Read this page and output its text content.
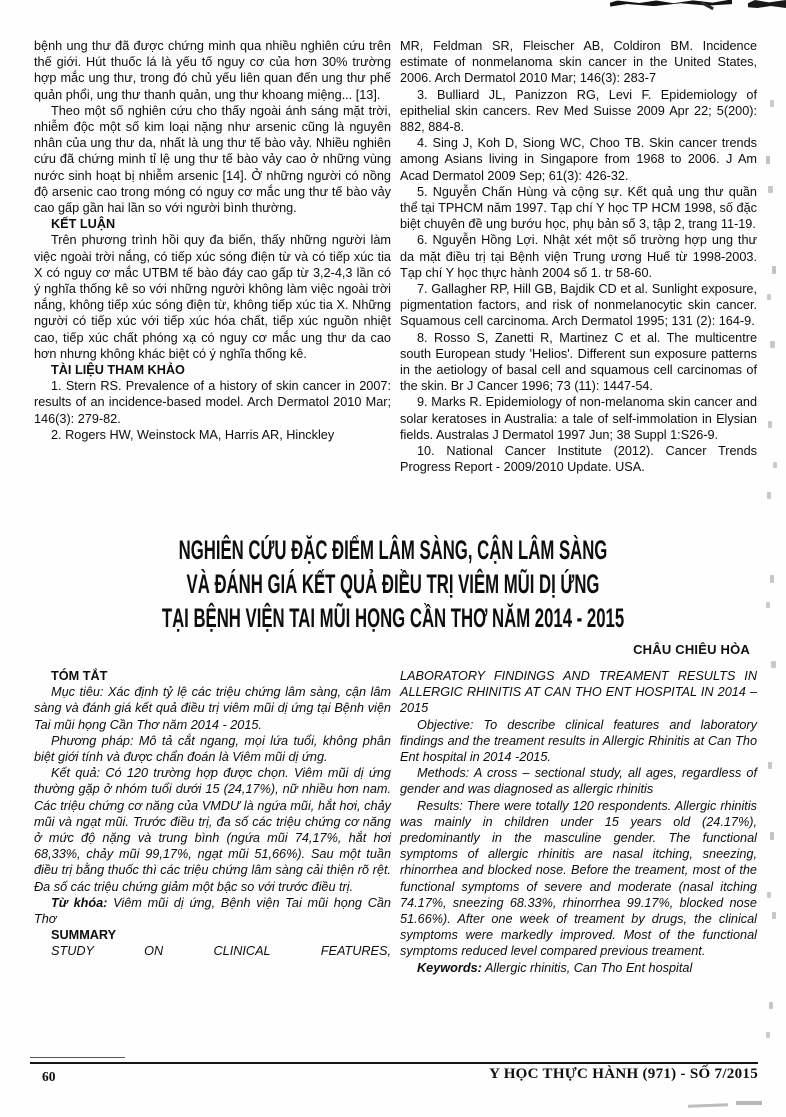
bệnh ung thư đã được chứng minh qua nhiều nghiên cứu trên thế giới. Hút thuốc lá là yếu tố nguy cơ của hơn 30% trường hợp mắc ung thư, trong đó chủ yếu liên quan đến ung thư phế quản phổi, ung thư thanh quản, ung thư khoang miệng... [13].

Theo một số nghiên cứu cho thấy ngoài ánh sáng mặt trời, nhiễm độc một số kim loại nặng như arsenic cũng là nguyên nhân của ung thư da, nhất là ung thư tế bào vảy. Nhiều nghiên cứu đã chứng minh tỉ lệ ung thư tế bào vảy cao ở những vùng nước sinh hoạt bị nhiễm arsenic [14]. Ở những người có nồng độ arsenic cao trong móng có nguy cơ mắc ung thư tế bào vảy cao gấp gần hai lần so với người bình thường.

KẾT LUẬN

Trên phương trình hồi quy đa biến, thấy những người làm việc ngoài trời nắng, có tiếp xúc sóng điện từ và có tiếp xúc tia X có nguy cơ mắc UTBM tế bào đáy cao gấp từ 3,2-4,3 lần có ý nghĩa thống kê so với những người không làm việc ngoài trời nắng, không tiếp xúc sóng điện từ, không tiếp xúc tia X. Những người có tiếp xúc với tiếp xúc hóa chất, tiếp xúc nguồn nhiệt cao, tiếp xúc chất phóng xạ có nguy cơ mắc ung thư da cao hơn nhưng không khác biệt có ý nghĩa thống kê.

TÀI LIỆU THAM KHẢO

1. Stern RS. Prevalence of a history of skin cancer in 2007: results of an incidence-based model. Arch Dermatol 2010 Mar; 146(3): 279-82.

2. Rogers HW, Weinstock MA, Harris AR, Hinckley

MR, Feldman SR, Fleischer AB, Coldiron BM. Incidence estimate of nonmelanoma skin cancer in the United States, 2006. Arch Dermatol 2010 Mar; 146(3): 283-7

3. Bulliard JL, Panizzon RG, Levi F. Epidemiology of epithelial skin cancers. Rev Med Suisse 2009 Apr 22; 5(200): 882, 884-8.

4. Sing J, Koh D, Siong WC, Choo TB. Skin cancer trends among Asians living in Singapore from 1968 to 2006. J Am Acad Dermatol 2009 Sep; 61(3): 426-32.

5. Nguyễn Chấn Hùng và cộng sự. Kết quả ung thư quần thể tại TPHCM năm 1997. Tạp chí Y học TP HCM 1998, số đặc biệt chuyên đề ung bướu học, phụ bản số 3, tập 2, trang 11-19.

6. Nguyễn Hồng Lợi. Nhật xét một số trường hợp ung thư da mặt điều trị tại Bệnh viện Trung ương Huế từ 1998-2003. Tạp chí Y học thực hành 2004 số 1. tr 58-60.

7. Gallagher RP, Hill GB, Bajdik CD et al. Sunlight exposure, pigmentation factors, and risk of nonmelanocytic skin cancer. Squamous cell carcinoma. Arch Dermatol 1995; 131 (2): 164-9.

8. Rosso S, Zanetti R, Martinez C et al. The multicentre south European study 'Helios'. Different sun exposure patterns in the aetiology of basal cell and squamous cell carcinomas of the skin. Br J Cancer 1996; 73 (11): 1447-54.

9. Marks R. Epidemiology of non-melanoma skin cancer and solar keratoses in Australia: a tale of self-immolation in Elysian fields. Australas J Dermatol 1997 Jun; 38 Suppl 1:S26-9.

10. National Cancer Institute (2012). Cancer Trends Progress Report - 2009/2010 Update. USA.

NGHIÊN CỨU ĐẶC ĐIỂM LÂM SÀNG, CẬN LÂM SÀNG
VÀ ĐÁNH GIÁ KẾT QUẢ ĐIỀU TRỊ VIÊM MŨI DỊ ỨNG
TẠI BỆNH VIỆN TAI MŨI HỌNG CẦN THƠ NĂM 2014 - 2015
CHÂU CHIÊU HÒA

TÓM TẮT

Mục tiêu: Xác định tỷ lệ các triệu chứng lâm sàng, cận lâm sàng và đánh giá kết quả điều trị viêm mũi dị ứng tại Bệnh viện Tai mũi họng Cần Thơ năm 2014 - 2015.

Phương pháp: Mô tả cắt ngang, mọi lứa tuổi, không phân biệt giới tính và được chẩn đoán là Viêm mũi dị ứng.

Kết quả: Có 120 trường hợp được chọn. Viêm mũi dị ứng thường gặp ở nhóm tuổi dưới 15 (24,17%), nữ nhiều hơn nam. Các triệu chứng cơ năng của VMDƯ là ngứa mũi, hắt hơi, chảy mũi và ngạt mũi. Trước điều trị, đa số các triệu chứng cơ năng ở mức độ nặng và trung bình (ngứa mũi 74,17%, hắt hơi 68,33%, chảy mũi 99,17%, ngạt mũi 51,66%). Sau một tuần điều trị bằng thuốc thì các triệu chứng lâm sàng cải thiện rõ rệt. Đa số các triệu chứng giảm một bậc so với trước điều trị.

Từ khóa: Viêm mũi dị ứng, Bệnh viện Tai mũi họng Cần Thơ

SUMMARY

STUDY ON CLINICAL FEATURES,

LABORATORY FINDINGS AND TREAMENT RESULTS IN ALLERGIC RHINITIS AT CAN THO ENT HOSPITAL IN 2014 – 2015

Objective: To describe clinical features and laboratory findings and the treament results in Allergic Rhinitis at Can Tho Ent hospital in 2014 -2015.

Methods: A cross – sectional study, all ages, regardless of gender and was diagnosed as allergic rhinitis

Results: There were totally 120 respondents. Allergic rhinitis was mainly in children under 15 years old (24.17%), predominantly in the masculine gender. The functional symptoms of allergic rhinitis are nasal itching, sneezing, rhinorrhea and blocked nose. Before the treament, most of the functional symptoms of severe and moderate (nasal itching 74.17%, sneezing 68.33%, rhinorrhea 99.17%, blocked nose 51.66%). After one week of treament by drugs, the clinical symptoms were markedly improved. Most of the functional symptoms reduced level compared previous treament.

Keywords: Allergic rhinitis, Can Tho Ent hospital

60	Y HỌC THỰC HÀNH (971) - SỐ 7/2015
